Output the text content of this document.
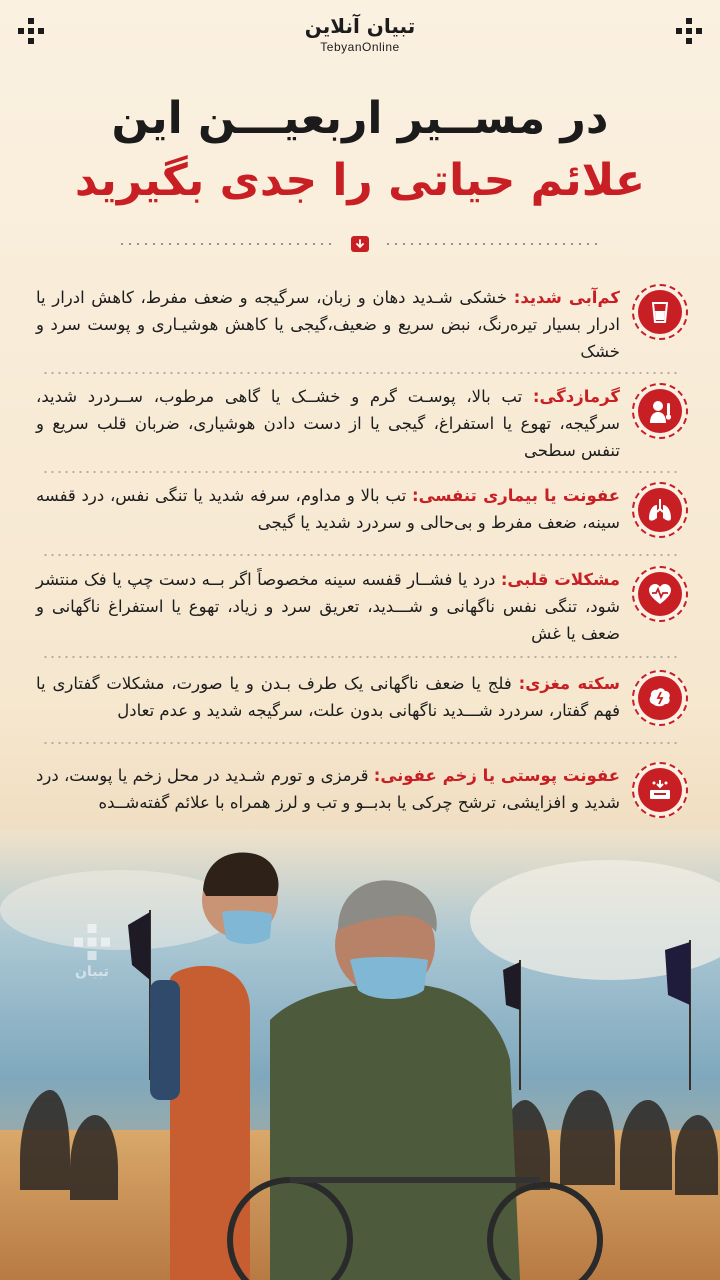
تبیان آنلاین
TebyanOnline
در مســیر اربعیـــن این
علائم حیاتی را جدی بگیرید
کم‌آبی شدید: خشکی شـدید دهان و زبان، سرگیجه و ضعف مفرط، کاهش ادرار یا ادرار بسیار تیره‌رنگ، نبض سریع و ضعیف،گیجی یا کاهش هوشیـاری و پوست سرد و خشک
گرمازدگی: تب بالا، پوسـت گرم و خشــک یا گاهی مرطوب، ســردرد شدید، سرگیجه، تهوع یا استفراغ، گیجی یا از دست دادن هوشیاری، ضربان قلب سریع و تنفس سطحی
عفونت یا بیماری تنفسی: تب بالا و مداوم، سرفه شدید یا تنگی نفس، درد قفسه سینه، ضعف مفرط و بی‌حالی و سردرد شدید یا گیجی
مشکلات قلبی: درد یا فشــار قفسه سینه مخصوصاً اگر بــه دست چپ یا فک منتشر شود، تنگی نفس ناگهانی و شـــدید، تعریق سرد و زیاد، تهوع یا استفراغ ناگهانی و ضعف یا غش
سکته مغزی: فلج یا ضعف ناگهانی یک طرف بـدن و یا صورت، مشکلات گفتاری یا فهم گفتار، سردرد شـــدید ناگهانی بدون علت، سرگیجه شدید و عدم تعادل
عفونت پوستی یا زخم عفونی: قرمزی و تورم شـدید در محل زخم یا پوست، درد شدید و افزایشی، ترشح چرکی یا بدبــو و تب و لرز همراه با علائم گفته‌شــده
تبیان
